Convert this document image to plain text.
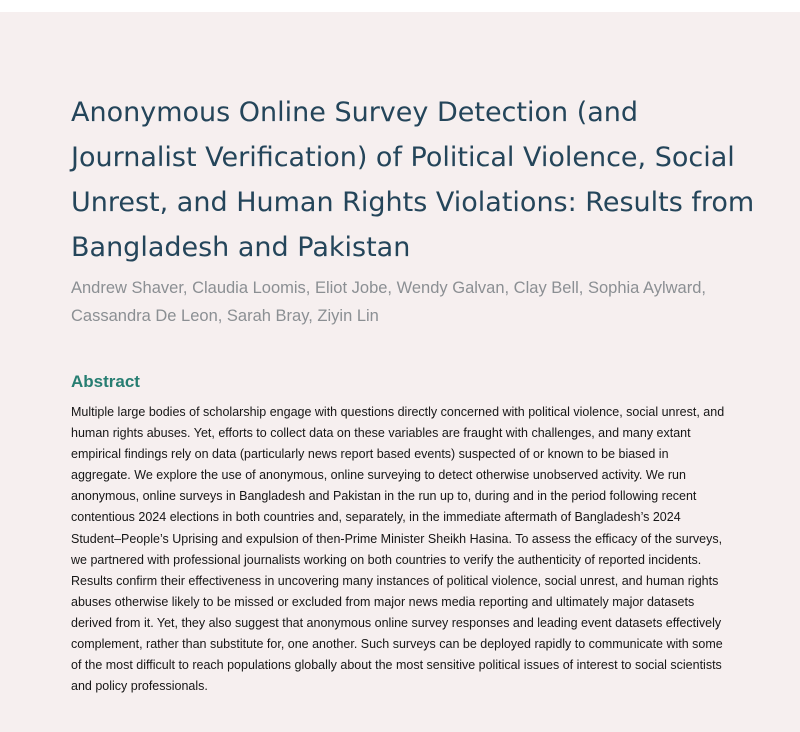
Anonymous Online Survey Detection (and Journalist Verification) of Political Violence, Social Unrest, and Human Rights Violations: Results from Bangladesh and Pakistan

Andrew Shaver, Claudia Loomis, Eliot Jobe, Wendy Galvan, Clay Bell, Sophia Aylward, Cassandra De Leon, Sarah Bray, Ziyin Lin

Abstract

Multiple large bodies of scholarship engage with questions directly concerned with political violence, social unrest, and human rights abuses. Yet, efforts to collect data on these variables are fraught with challenges, and many extant empirical findings rely on data (particularly news report based events) suspected of or known to be biased in aggregate. We explore the use of anonymous, online surveying to detect otherwise unobserved activity. We run anonymous, online surveys in Bangladesh and Pakistan in the run up to, during and in the period following recent contentious 2024 elections in both countries and, separately, in the immediate aftermath of Bangladesh’s 2024 Student–People’s Uprising and expulsion of then-Prime Minister Sheikh Hasina. To assess the efficacy of the surveys, we partnered with professional journalists working on both countries to verify the authenticity of reported incidents. Results confirm their effectiveness in uncovering many instances of political violence, social unrest, and human rights abuses otherwise likely to be missed or excluded from major news media reporting and ultimately major datasets derived from it. Yet, they also suggest that anonymous online survey responses and leading event datasets effectively complement, rather than substitute for, one another. Such surveys can be deployed rapidly to communicate with some of the most difficult to reach populations globally about the most sensitive political issues of interest to social scientists and policy professionals.
